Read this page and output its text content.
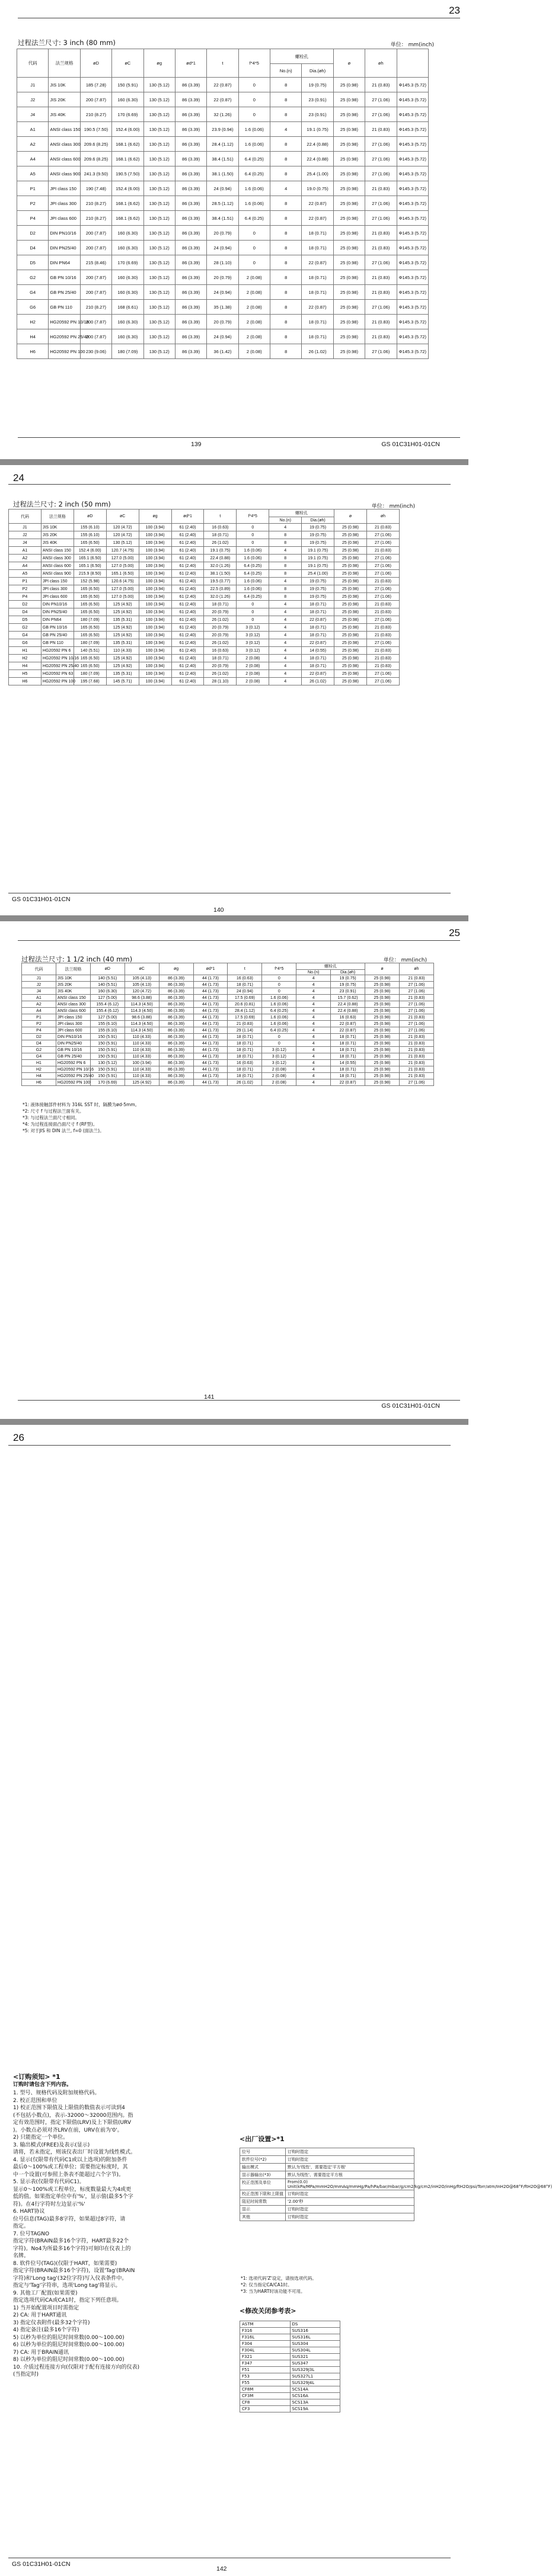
23
过程法兰尺寸: 3 inch (80 mm)	单位： mm(inch)
代码	法兰规格	øD	øC	øg	ød*1	t	f*4*5	螺栓孔		ø	øh	
								No.(n)	Dia.(øh)			
J1	JIS 10K	185 (7.28)	150 (5.91)	130 (5.12)	86 (3.39)	22 (0.87)	0	8	19 (0.75)	25 (0.98)	21 (0.83)	Φ145.3 (5.72)
J2	JIS 20K	200 (7.87)	160 (6.30)	130 (5.12)	86 (3.39)	22 (0.87)	0	8	23 (0.91)	25 (0.98)	27 (1.06)	Φ145.3 (5.72)
J4	JIS 40K	210 (8.27)	170 (6.69)	130 (5.12)	86 (3.39)	32 (1.26)	0	8	23 (0.91)	25 (0.98)	27 (1.06)	Φ145.3 (5.72)
A1	ANSI class 150	190.5 (7.50)	152.4 (6.00)	130 (5.12)	86 (3.39)	23.9 (0.94)	1.6 (0.06)	4	19.1 (0.75)	25 (0.98)	21 (0.83)	Φ145.3 (5.72)
A2	ANSI class 300	209.6 (8.25)	168.1 (6.62)	130 (5.12)	86 (3.39)	28.4 (1.12)	1.6 (0.06)	8	22.4 (0.88)	25 (0.98)	27 (1.06)	Φ145.3 (5.72)
A4	ANSI class 600	209.6 (8.25)	168.1 (6.62)	130 (5.12)	86 (3.39)	38.4 (1.51)	6.4 (0.25)	8	22.4 (0.88)	25 (0.98)	27 (1.06)	Φ145.3 (5.72)
A5	ANSI class 900	241.3 (9.50)	190.5 (7.50)	130 (5.12)	86 (3.39)	38.1 (1.50)	6.4 (0.25)	8	25.4 (1.00)	25 (0.98)	27 (1.06)	Φ145.3 (5.72)
P1	JPI class 150	190 (7.48)	152.4 (6.00)	130 (5.12)	86 (3.39)	24 (0.94)	1.6 (0.06)	4	19.0 (0.75)	25 (0.98)	21 (0.83)	Φ145.3 (5.72)
P2	JPI class 300	210 (8.27)	168.1 (6.62)	130 (5.12)	86 (3.39)	28.5 (1.12)	1.6 (0.06)	8	22 (0.87)	25 (0.98)	27 (1.06)	Φ145.3 (5.72)
P4	JPI class 600	210 (8.27)	168.1 (6.62)	130 (5.12)	86 (3.39)	38.4 (1.51)	6.4 (0.25)	8	22 (0.87)	25 (0.98)	27 (1.06)	Φ145.3 (5.72)
D2	DIN PN10/16	200 (7.87)	160 (6.30)	130 (5.12)	86 (3.39)	20 (0.79)	0	8	18 (0.71)	25 (0.98)	21 (0.83)	Φ145.3 (5.72)
D4	DIN PN25/40	200 (7.87)	160 (6.30)	130 (5.12)	86 (3.39)	24 (0.94)	0	8	18 (0.71)	25 (0.98)	21 (0.83)	Φ145.3 (5.72)
D5	DIN PN64	215 (8.46)	170 (6.69)	130 (5.12)	86 (3.39)	28 (1.10)	0	8	22 (0.87)	25 (0.98)	27 (1.06)	Φ145.3 (5.72)
G2	GB PN 10/16	200 (7.87)	160 (6.30)	130 (5.12)	86 (3.39)	20 (0.79)	2 (0.08)	8	18 (0.71)	25 (0.98)	21 (0.83)	Φ145.3 (5.72)
G4	GB PN 25/40	200 (7.87)	160 (6.30)	130 (5.12)	86 (3.39)	24 (0.94)	2 (0.08)	8	18 (0.71)	25 (0.98)	21 (0.83)	Φ145.3 (5.72)
G6	GB PN 110	210 (8.27)	168 (6.61)	130 (5.12)	86 (3.39)	35 (1.38)	2 (0.08)	8	22 (0.87)	25 (0.98)	27 (1.06)	Φ145.3 (5.72)
H2	HG20592 PN 10/16	200 (7.87)	160 (6.30)	130 (5.12)	86 (3.39)	20 (0.79)	2 (0.08)	8	18 (0.71)	25 (0.98)	21 (0.83)	Φ145.3 (5.72)
H4	HG20592 PN 25/40	200 (7.87)	160 (6.30)	130 (5.12)	86 (3.39)	24 (0.94)	2 (0.08)	8	18 (0.71)	25 (0.98)	21 (0.83)	Φ145.3 (5.72)
H6	HG20592 PN 100	230 (9.06)	180 (7.09)	130 (5.12)	86 (3.39)	36 (1.42)	2 (0.08)	8	26 (1.02)	25 (0.98)	27 (1.06)	Φ145.3 (5.72)
GS 01C31H01-01CN
139
24
过程法兰尺寸: 2 inch (50 mm)	单位： mm(inch)
代码	法兰规格	øD	øC	øg	ød*1	t	f*4*5	螺栓孔		ø	øh
								No.(n)	Dia.(øh)		
J1	JIS 10K	155 (6.10)	120 (4.72)	100 (3.94)	61 (2.40)	16 (0.63)	0	4	19 (0.75)	25 (0.98)	21 (0.83)
J2	JIS 20K	155 (6.10)	120 (4.72)	100 (3.94)	61 (2.40)	18 (0.71)	0	8	19 (0.75)	25 (0.98)	27 (1.06)
J4	JIS 40K	165 (6.50)	130 (5.12)	100 (3.94)	61 (2.40)	26 (1.02)	0	8	19 (0.75)	25 (0.98)	27 (1.06)
A1	ANSI class 150	152.4 (6.00)	120.7 (4.75)	100 (3.94)	61 (2.40)	19.1 (0.75)	1.6 (0.06)	4	19.1 (0.75)	25 (0.98)	21 (0.83)
A2	ANSI class 300	165.1 (6.50)	127.0 (5.00)	100 (3.94)	61 (2.40)	22.4 (0.88)	1.6 (0.06)	8	19.1 (0.75)	25 (0.98)	27 (1.06)
A4	ANSI class 600	165.1 (6.50)	127.0 (5.00)	100 (3.94)	61 (2.40)	32.0 (1.26)	6.4 (0.25)	8	19.1 (0.75)	25 (0.98)	27 (1.06)
A5	ANSI class 900	215.9 (8.50)	165.1 (6.50)	100 (3.94)	61 (2.40)	38.1 (1.50)	6.4 (0.25)	8	25.4 (1.00)	25 (0.98)	27 (1.06)
P1	JPI class 150	152 (5.98)	120.6 (4.75)	100 (3.94)	61 (2.40)	19.5 (0.77)	1.6 (0.06)	4	19 (0.75)	25 (0.98)	21 (0.83)
P2	JPI class 300	165 (6.50)	127.0 (5.00)	100 (3.94)	61 (2.40)	22.5 (0.89)	1.6 (0.06)	8	19 (0.75)	25 (0.98)	27 (1.06)
P4	JPI class 600	165 (6.50)	127.0 (5.00)	100 (3.94)	61 (2.40)	32.0 (1.26)	6.4 (0.25)	8	19 (0.75)	25 (0.98)	27 (1.06)
D2	DIN PN10/16	165 (6.50)	125 (4.92)	100 (3.94)	61 (2.40)	18 (0.71)	0	4	18 (0.71)	25 (0.98)	21 (0.83)
D4	DIN PN25/40	165 (6.50)	125 (4.92)	100 (3.94)	61 (2.40)	20 (0.79)	0	4	18 (0.71)	25 (0.98)	21 (0.83)
D5	DIN PN64	180 (7.09)	135 (5.31)	100 (3.94)	61 (2.40)	26 (1.02)	0	4	22 (0.87)	25 (0.98)	27 (1.06)
G2	GB PN 10/16	165 (6.50)	125 (4.92)	100 (3.94)	61 (2.40)	20 (0.79)	3 (0.12)	4	18 (0.71)	25 (0.98)	21 (0.83)
G4	GB PN 25/40	165 (6.50)	125 (4.92)	100 (3.94)	61 (2.40)	20 (0.79)	3 (0.12)	4	18 (0.71)	25 (0.98)	21 (0.83)
G6	GB PN 110	180 (7.09)	135 (5.31)	100 (3.94)	61 (2.40)	26 (1.02)	3 (0.12)	4	22 (0.87)	25 (0.98)	27 (1.06)
H1	HG20592 PN 6	140 (5.51)	110 (4.33)	100 (3.94)	61 (2.40)	16 (0.63)	3 (0.12)	4	14 (0.55)	25 (0.98)	21 (0.83)
H2	HG20592 PN 10/16	165 (6.50)	125 (4.92)	100 (3.94)	61 (2.40)	18 (0.71)	2 (0.08)	4	18 (0.71)	25 (0.98)	21 (0.83)
H4	HG20592 PN 25/40	165 (6.50)	125 (4.92)	100 (3.94)	61 (2.40)	20 (0.79)	2 (0.08)	4	18 (0.71)	25 (0.98)	21 (0.83)
H5	HG20592 PN 63	180 (7.09)	135 (5.31)	100 (3.94)	61 (2.40)	26 (1.02)	2 (0.08)	4	22 (0.87)	25 (0.98)	27 (1.06)
H6	HG20592 PN 100	195 (7.68)	145 (5.71)	100 (3.94)	61 (2.40)	28 (1.10)	2 (0.08)	4	26 (1.02)	25 (0.98)	27 (1.06)
GS 01C31H01-01CN
140
25
过程法兰尺寸: 1 1/2 inch (40 mm)	单位： mm(inch)
代码	法兰规格	øD	øC	øg	ød*1	t	f*4*5	螺栓孔		ø	øh
								No.(n)	Dia.(øh)		
J1	JIS 10K	140 (5.51)	105 (4.13)	86 (3.39)	44 (1.73)	16 (0.63)	0	4	19 (0.75)	25 (0.98)	21 (0.83)
J2	JIS 20K	140 (5.51)	105 (4.13)	86 (3.39)	44 (1.73)	18 (0.71)	0	4	19 (0.75)	25 (0.98)	27 (1.06)
J4	JIS 40K	160 (6.30)	120 (4.72)	86 (3.39)	44 (1.73)	24 (0.94)	0	4	23 (0.91)	25 (0.98)	27 (1.06)
A1	ANSI class 150	127 (5.00)	98.6 (3.88)	86 (3.39)	44 (1.73)	17.5 (0.69)	1.6 (0.06)	4	15.7 (0.62)	25 (0.98)	21 (0.83)
A2	ANSI class 300	155.4 (6.12)	114.3 (4.50)	86 (3.39)	44 (1.73)	20.6 (0.81)	1.6 (0.06)	4	22.4 (0.88)	25 (0.98)	27 (1.06)
A4	ANSI class 600	155.4 (6.12)	114.3 (4.50)	86 (3.39)	44 (1.73)	28.4 (1.12)	6.4 (0.25)	4	22.4 (0.88)	25 (0.98)	27 (1.06)
P1	JPI class 150	127 (5.00)	98.6 (3.88)	86 (3.39)	44 (1.73)	17.5 (0.69)	1.6 (0.06)	4	16 (0.63)	25 (0.98)	21 (0.83)
P2	JPI class 300	155 (6.10)	114.3 (4.50)	86 (3.39)	44 (1.73)	21 (0.83)	1.6 (0.06)	4	22 (0.87)	25 (0.98)	27 (1.06)
P4	JPI class 600	155 (6.10)	114.3 (4.50)	86 (3.39)	44 (1.73)	29 (1.14)	6.4 (0.25)	4	22 (0.87)	25 (0.98)	27 (1.06)
D2	DIN PN10/16	150 (5.91)	110 (4.33)	86 (3.39)	44 (1.73)	18 (0.71)	0	4	18 (0.71)	25 (0.98)	21 (0.83)
D4	DIN PN25/40	150 (5.91)	110 (4.33)	86 (3.39)	44 (1.73)	18 (0.71)	0	4	18 (0.71)	25 (0.98)	21 (0.83)
G2	GB PN 10/16	150 (5.91)	110 (4.33)	86 (3.39)	44 (1.73)	18 (0.71)	3 (0.12)	4	18 (0.71)	25 (0.98)	21 (0.83)
G4	GB PN 25/40	150 (5.91)	110 (4.33)	86 (3.39)	44 (1.73)	18 (0.71)	3 (0.12)	4	18 (0.71)	25 (0.98)	21 (0.83)
H1	HG20592 PN 6	130 (5.12)	100 (3.94)	86 (3.39)	44 (1.73)	16 (0.63)	3 (0.12)	4	14 (0.55)	25 (0.98)	21 (0.83)
H2	HG20592 PN 10/16	150 (5.91)	110 (4.33)	86 (3.39)	44 (1.73)	18 (0.71)	2 (0.08)	4	18 (0.71)	25 (0.98)	21 (0.83)
H4	HG20592 PN 25/40	150 (5.91)	110 (4.33)	86 (3.39)	44 (1.73)	18 (0.71)	2 (0.08)	4	18 (0.71)	25 (0.98)	21 (0.83)
H6	HG20592 PN 100	170 (6.69)	125 (4.92)	86 (3.39)	44 (1.73)	26 (1.02)	2 (0.08)	4	22 (0.87)	25 (0.98)	27 (1.06)
*1: 液体接触部件材料为 316L SST 时，隔膜为ød-5mm。
*2: 尺寸 f 与过程法兰面有关。
*3: 与过程法兰面尺寸相同。
*4: 为过程连接面凸面尺寸 f (RF型)。
*5: 对于JIS 和 DIN 法兰, f=0 (面法兰)。
GS 01C31H01-01CN
141
26
<订购须知> *1
订购时请包含下列内容。
1. 型号、规格代码及附加规格代码。
2. 校正范围和单位
1) 校正范围下限值及上限值的数值表示可读到4
(不包括小数点)，表示-32000～32000范围内。指
定有效范围时，指定下限值(LRV)及上下限值(URV
)。小数点必须对齐LRV在前，URV在前为'0'。
2) 只能指定一个单位。
3. 输出模式(FREE)及表示(显示)
请将，若未指定，则该仪表出厂时设置为线性模式。
4. 显示(仅限带有代码C1或以上选项)的附加条件
最后0～100%或工程单位；需要指定标度时，其
中一个设置(可参照上条表不能超过六个字节)。
5. 显示表(仅限带有代码C1)。
显示0～100%或工程单位，标度数量最大为4或更
低的值。如果指定单位中有'%'，显示值(最多5个字
符)。在4行字符时左边显示'%'
6. HART协议
位号信息(TAG)最多8字符，如果超过8字符，请
指定。
7. 位号TAGNO
指定字符(BRAIN最多16个字符，HART最多22个
字符)。No4为所最多16个字符)可刻印在仪表上的
名牌。
8. 软件位号(TAG)(仅限于HART，如果需要)
指定字符(BRAIN最多16个字符)，设置'Tag'(BRAIN
字符)和'Long tag'(32位字符)写入仪表条件中。
指定与'Tag'字符串，选项'Long tag'将显示。
9. 其他工厂配置(如果需要)
指定选项代码CA或CA1时，指定下列任意项。
1) 当开始配置项目时需指定
2) CA: 用于HART通讯
3) 指定仪表附件(最多32个字符)
4) 指定备注(最多16个字符)
5) 以秒为单位的阻尼时间常数(0.00～100.00)
6) 以秒为单位的阻尼时间常数(0.00～100.00)
7) CA: 用于BRAIN通讯
8) 以秒为单位的阻尼时间常数(0.00～100.00)
10. 介质过程连接方向(仅限对于配有连接方向的仪表)
(当指定时)
<出厂设置>*1
位号	订购时指定
软件位号(*2)	订购时指定
输出模式	默认为'线性'，需要指定'平方根'
显示器输出(*3)	默认为线性'、需要指定平方根
校正范围及单位	From(0.0) Unit(kPa/MPa/mmH2O/mmAq/mmHg/Pa/hPa/bar/mbar/g/cm2/kg/cm2/inH2O/inHg/ftH2O/psi/Torr/atm/InH2O@68°F/ftH2O@68°F)
校正范围下限和上限值	订购时指定
阻尼时间常数	'2.00'秒
显示	订购时指定
其他	订购时指定
*1: 选项代码'Z'设定，请按选项代码。
*2: 仅当指定CA/CA1时。
*3: 当为HART时该功能不可用。
<修改关闭参考表>
ASTM	DS
F316	SUS316
F316L	SUS316L
F304	SUS304
F304L	SUS304L
F321	SUS321
F347	SUS347
F51	SUS329J3L
F53	SUS327L1
F55	SUS329J4L
CF8M	SCS14A
CF3M	SCS16A
CF8	SCS13A
CF3	SCS19A
GS 01C31H01-01CN
142
